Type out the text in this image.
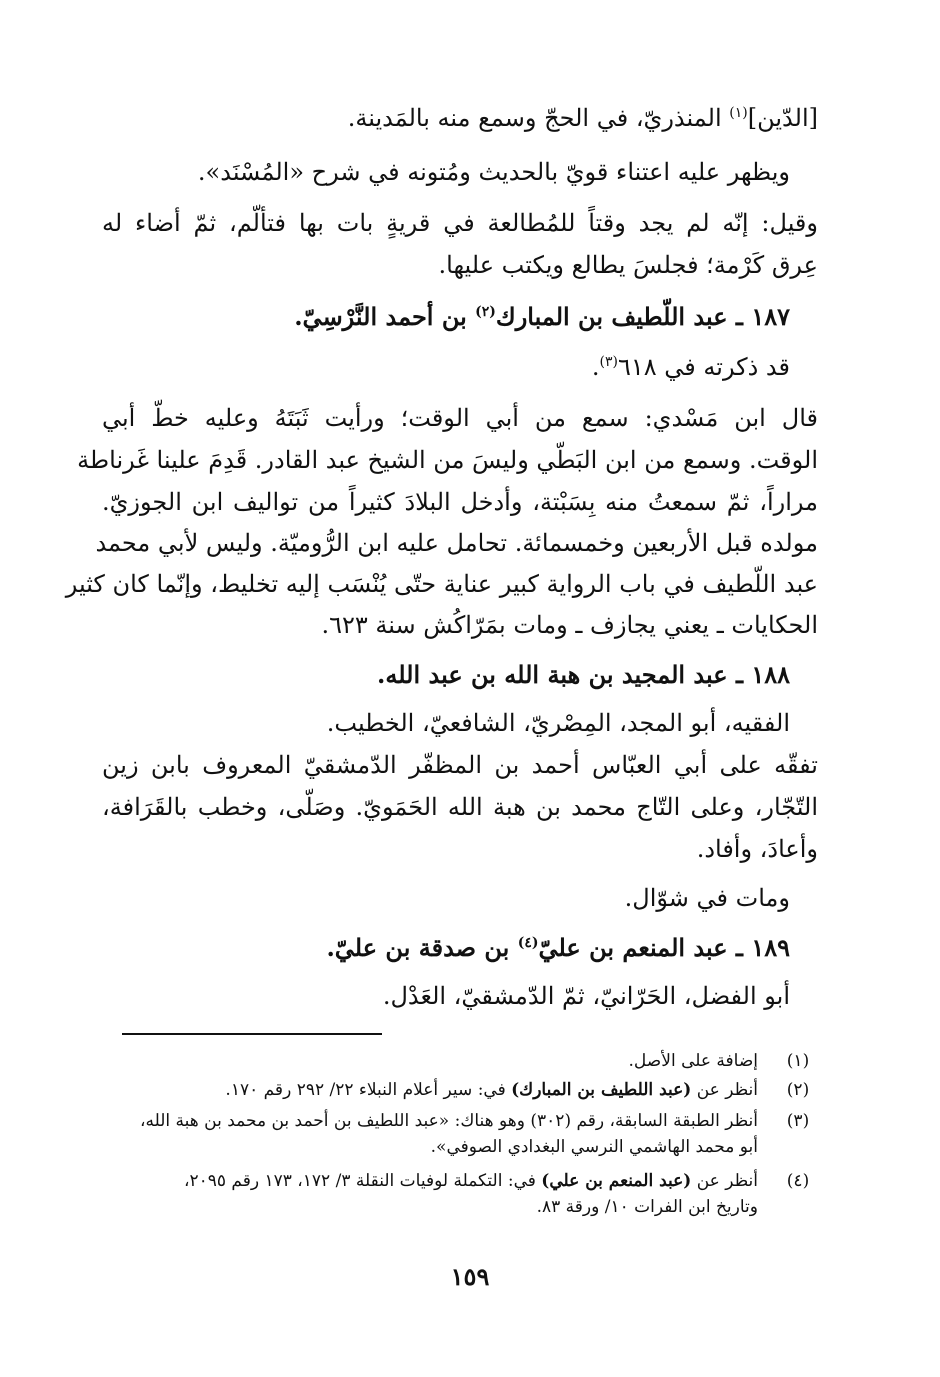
[الدّين]$^{(١)}$ المنذريّ، في الحجّ وسمع منه بالمَدينة.
ويظهر عليه اعتناء قويّ بالحديث ومُتونه في شرح «المُسْنَد».
وقيل: إنّه لم يجد وقتاً للمُطالعة في قريةٍ بات بها فتألّم، ثمّ أضاء له
عِرق كَرْمة؛ فجلسَ يطالع ويكتب عليها.
١٨٧ ـ عبد اللّطيف بن المبارك$^{(٢)}$ بن أحمد النَّرْسِيّ.
قد ذكرته في ٦١٨$^{(٣)}$.
قال ابن مَسْدي: سمع من أبي الوقت؛ ورأيت ثَبَتَهُ وعليه خطّ أبي
الوقت. وسمع من ابن البَطّي وليسَ من الشيخ عبد القادر. قَدِمَ علينا غَرناطة
مراراً، ثمّ سمعتُ منه بِسَبْتة، وأدخل البلادَ كثيراً من تواليف ابن الجوزيّ.
مولده قبل الأربعين وخمسمائة. تحامل عليه ابن الرُّوميّة. وليس لأبي محمد
عبد اللّطيف في باب الرواية كبير عناية حتّى يُنْسَب إليه تخليط، وإنّما كان كثير
الحكايات ـ يعني يجازف ـ ومات بمَرّاكُش سنة ٦٢٣.
١٨٨ ـ عبد المجيد بن هبة الله بن عبد الله.
الفقيه، أبو المجد، المِصْريّ، الشافعيّ، الخطيب.
تفقّه على أبي العبّاس أحمد بن المظفّر الدّمشقيّ المعروف بابن زين
التّجّار، وعلى التّاج محمد بن هبة الله الحَمَويّ. وصَلّى، وخطب بالقَرَافة،
وأعادَ، وأفاد.
ومات في شوّال.
١٨٩ ـ عبد المنعم بن عليّ$^{(٤)}$ بن صدقة بن عليّ.
أبو الفضل، الحَرّانيّ، ثمّ الدّمشقيّ، العَدْل.
(١)
إضافة على الأصل.
(٢)
أنظر عن (عبد اللطيف بن المبارك) في: سير أعلام النبلاء ٢٢/ ٢٩٢ رقم ١٧٠.
(٣)
أنظر الطبقة السابقة، رقم (٣٠٢) وهو هناك: «عبد اللطيف بن أحمد بن محمد بن هبة الله،
أبو محمد الهاشمي النرسي البغدادي الصوفي».
(٤)
أنظر عن (عبد المنعم بن علي) في: التكملة لوفيات النقلة ٣/ ١٧٢، ١٧٣ رقم ٢٠٩٥،
وتاريخ ابن الفرات ١٠/ ورقة ٨٣.
١٥٩
